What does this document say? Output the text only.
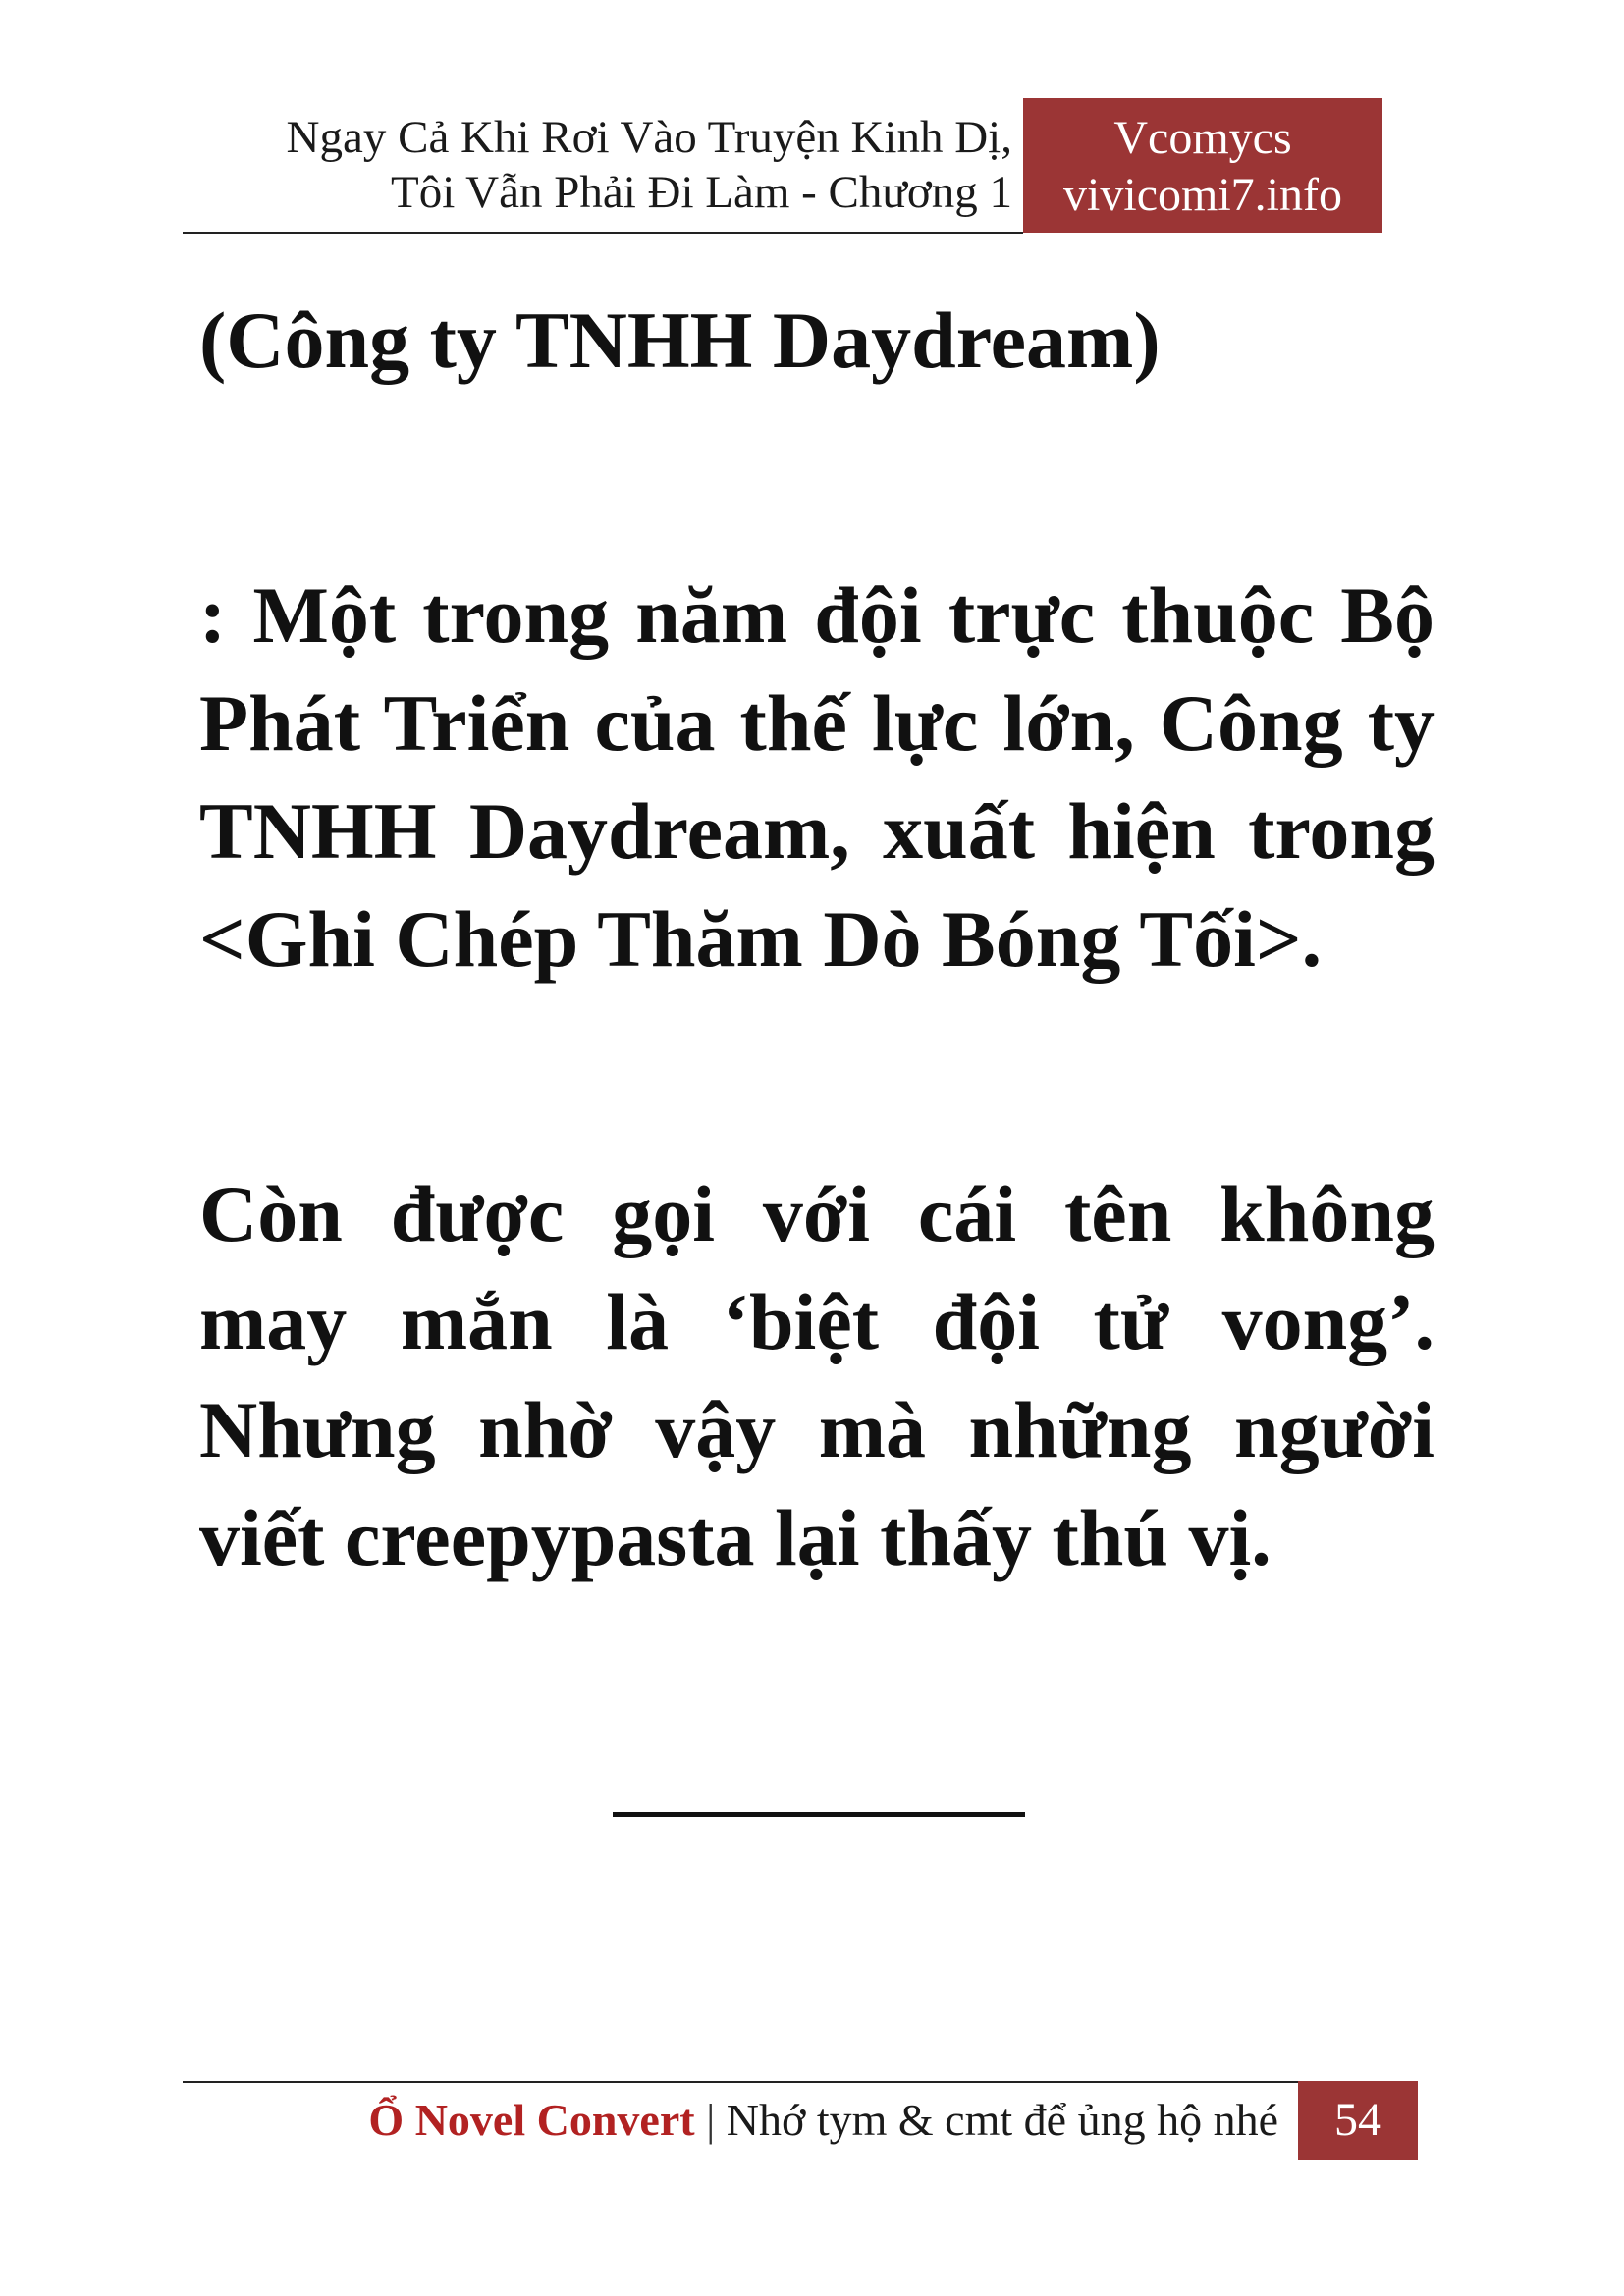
Ngay Cả Khi Rơi Vào Truyện Kinh Dị,
Tôi Vẫn Phải Đi Làm - Chương 1
Vcomycs
vivicomi7.info

(Công ty TNHH Daydream)

: Một trong năm đội trực thuộc Bộ Phát Triển của thế lực lớn, Công ty TNHH Daydream, xuất hiện trong <Ghi Chép Thăm Dò Bóng Tối>.

Còn được gọi với cái tên không may mắn là ‘biệt đội tử vong’. Nhưng nhờ vậy mà những người viết creepypasta lại thấy thú vị.

Ổ Novel Convert | Nhớ tym & cmt để ủng hộ nhé	54
